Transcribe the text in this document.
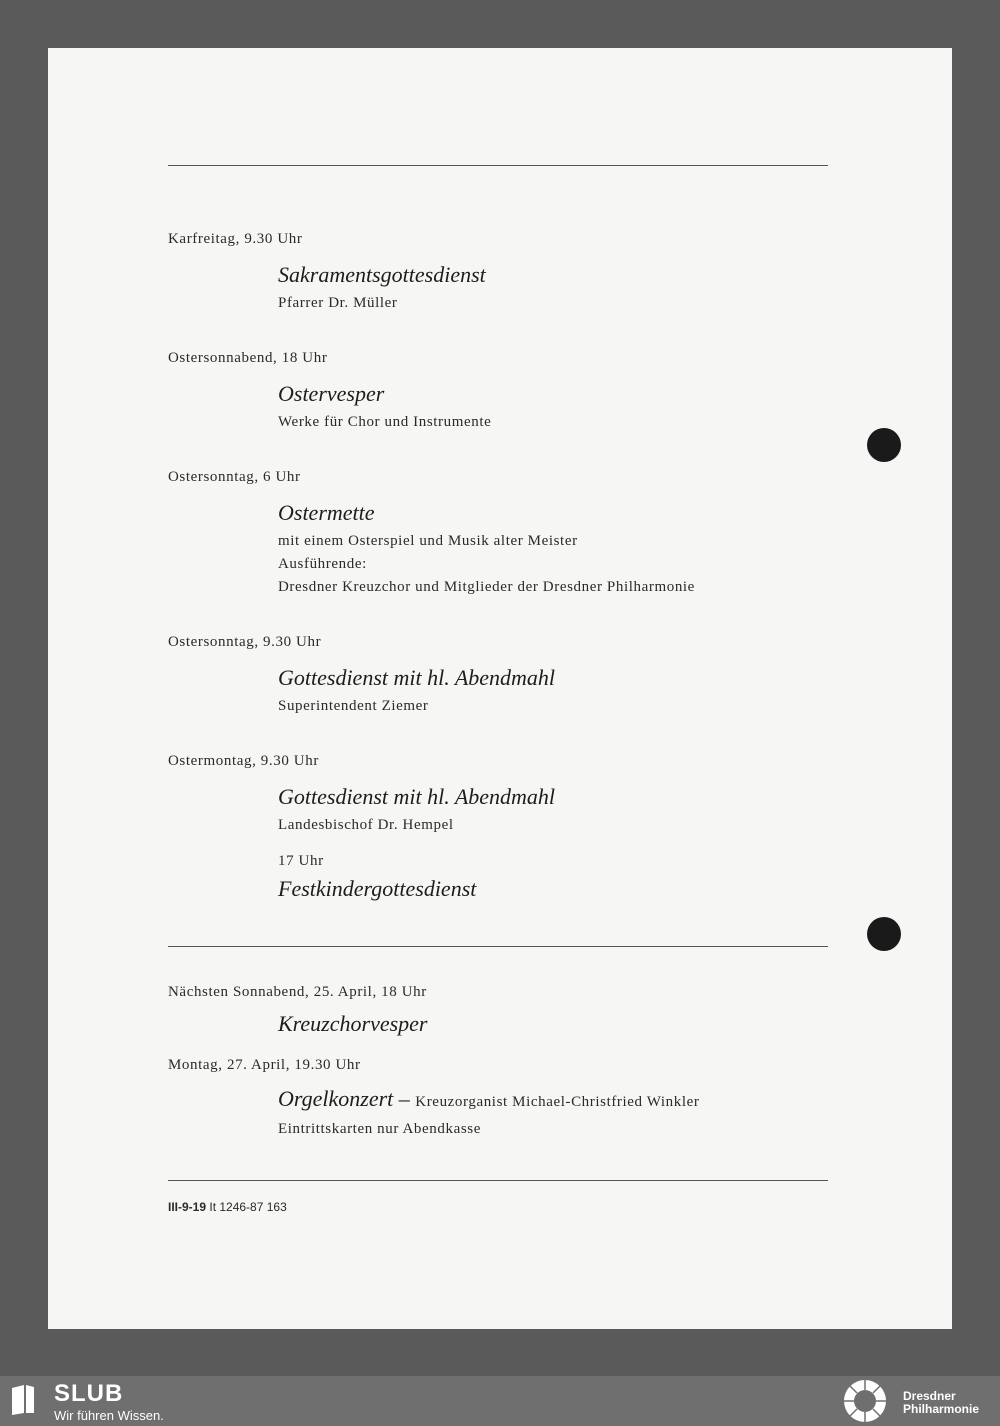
Karfreitag, 9.30 Uhr
Sakramentsgottesdienst
Pfarrer Dr. Müller
Ostersonnabend, 18 Uhr
Ostervesper
Werke für Chor und Instrumente
Ostersonntag, 6 Uhr
Ostermette
mit einem Osterspiel und Musik alter Meister
Ausführende:
Dresdner Kreuzchor und Mitglieder der Dresdner Philharmonie
Ostersonntag, 9.30 Uhr
Gottesdienst mit hl. Abendmahl
Superintendent Ziemer
Ostermontag, 9.30 Uhr
Gottesdienst mit hl. Abendmahl
Landesbischof Dr. Hempel
17 Uhr
Festkindergottesdienst
Nächsten Sonnabend, 25. April, 18 Uhr
Kreuzchorvesper
Montag, 27. April, 19.30 Uhr
Orgelkonzert – Kreuzorganist Michael-Christfried Winkler
Eintrittskarten nur Abendkasse
III-9-19 It 1246-87 163
SLUB
Wir führen Wissen.
Dresdner
Philharmonie
